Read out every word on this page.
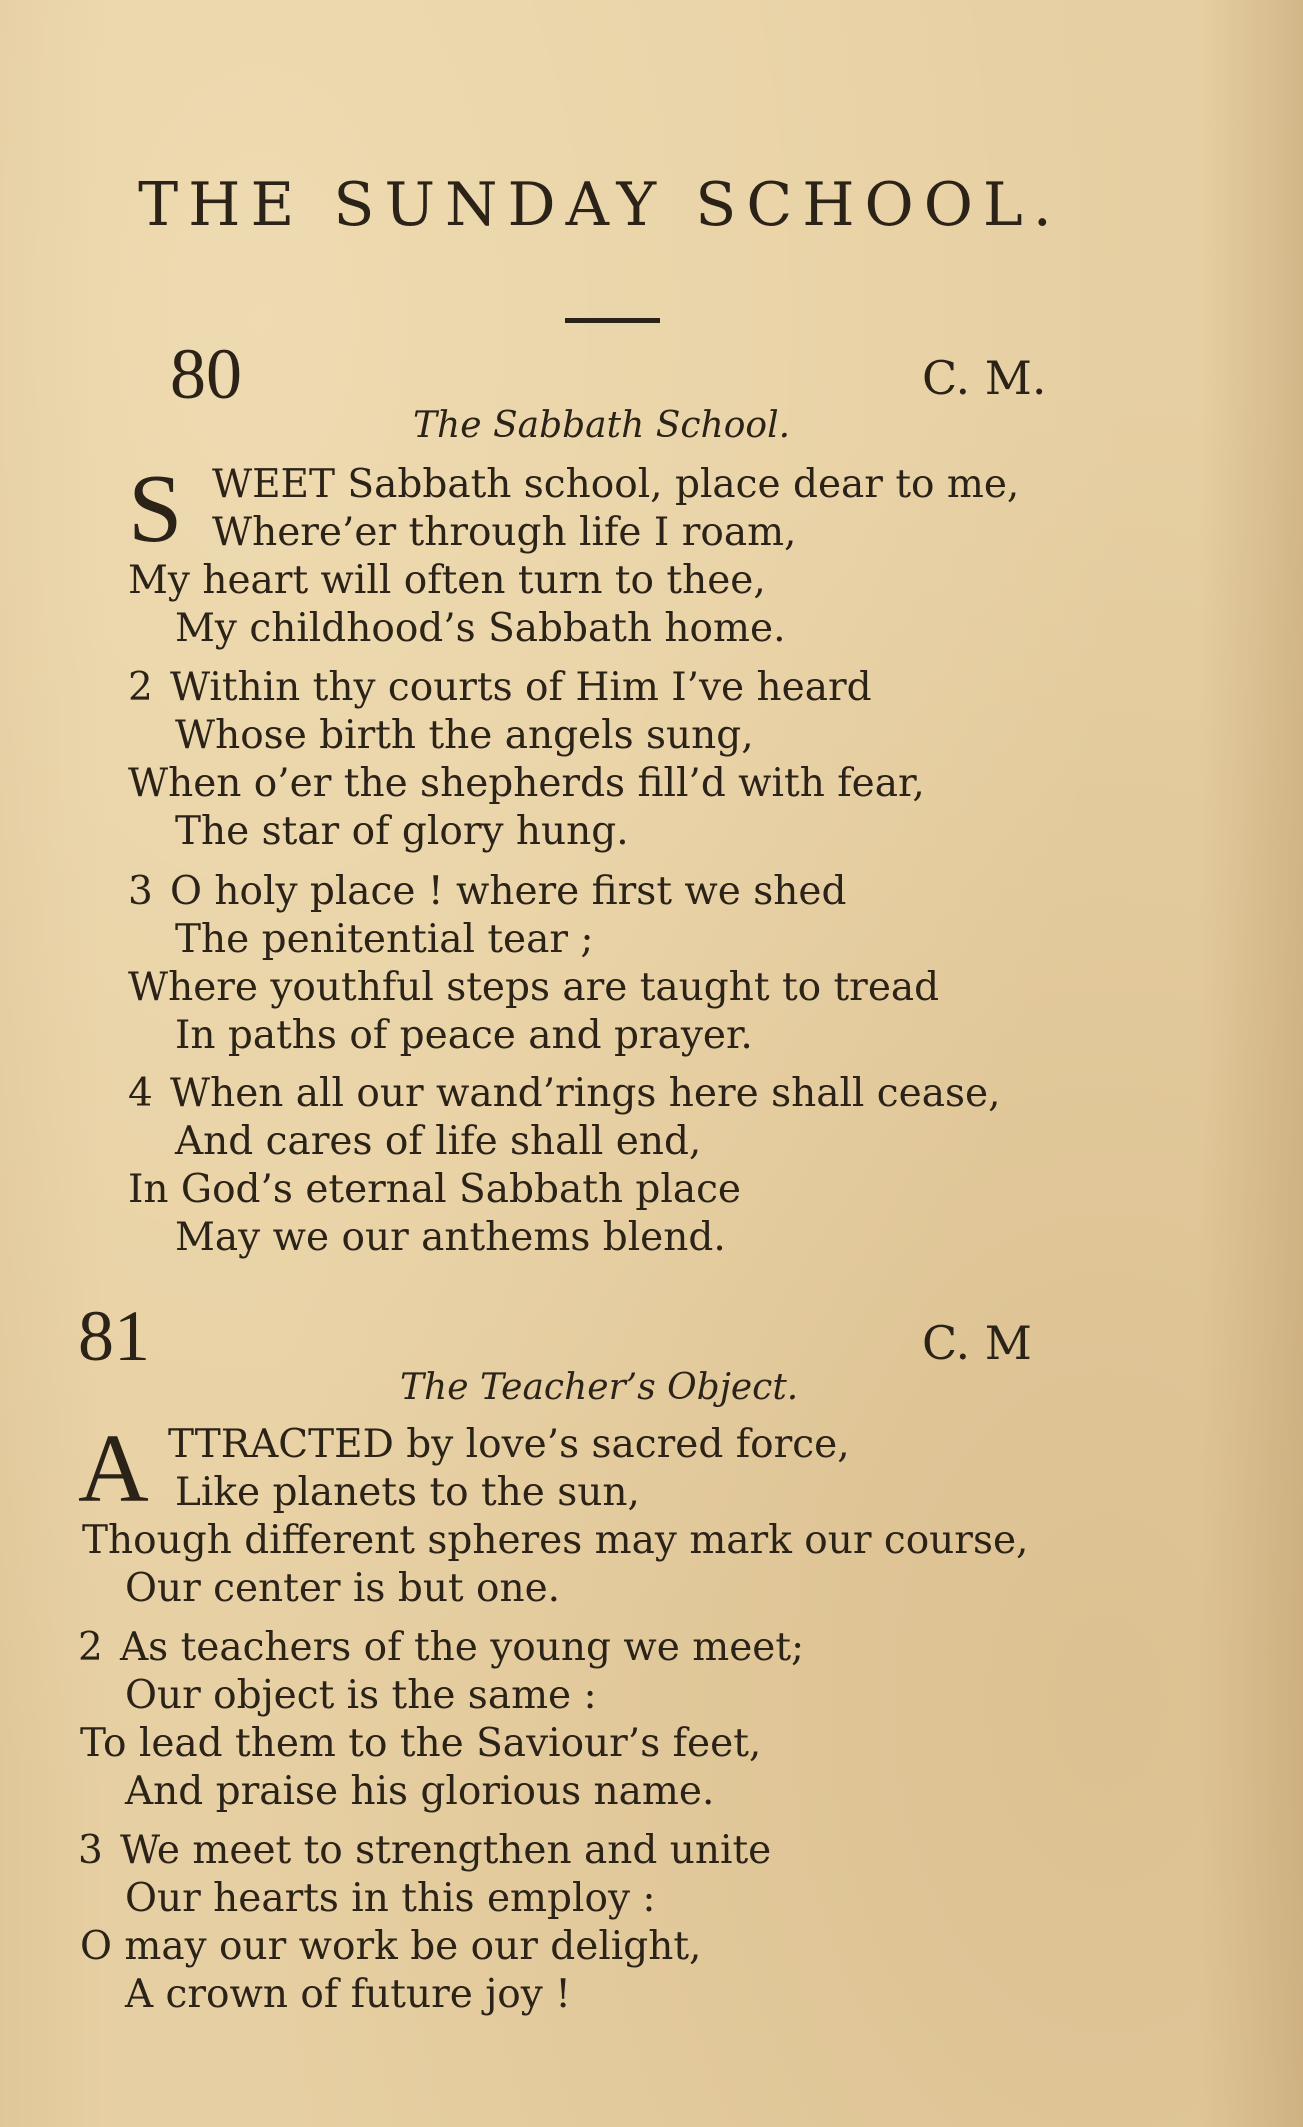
THE SUNDAY SCHOOL.
80	C. M.
The Sabbath School.
S WEET Sabbath school, place dear to me,
Where’er through life I roam,
My heart will often turn to thee,
My childhood’s Sabbath home.
2 Within thy courts of Him I’ve heard
Whose birth the angels sung,
When o’er the shepherds fill’d with fear,
The star of glory hung.
3 O holy place ! where first we shed
The penitential tear ;
Where youthful steps are taught to tread
In paths of peace and prayer.
4 When all our wand’rings here shall cease,
And cares of life shall end,
In God’s eternal Sabbath place
May we our anthems blend.
81	C. M
The Teacher’s Object.
A TTRACTED by love’s sacred force,
Like planets to the sun,
Though different spheres may mark our course,
Our center is but one.
2 As teachers of the young we meet;
Our object is the same :
To lead them to the Saviour’s feet,
And praise his glorious name.
3 We meet to strengthen and unite
Our hearts in this employ :
O may our work be our delight,
A crown of future joy !
